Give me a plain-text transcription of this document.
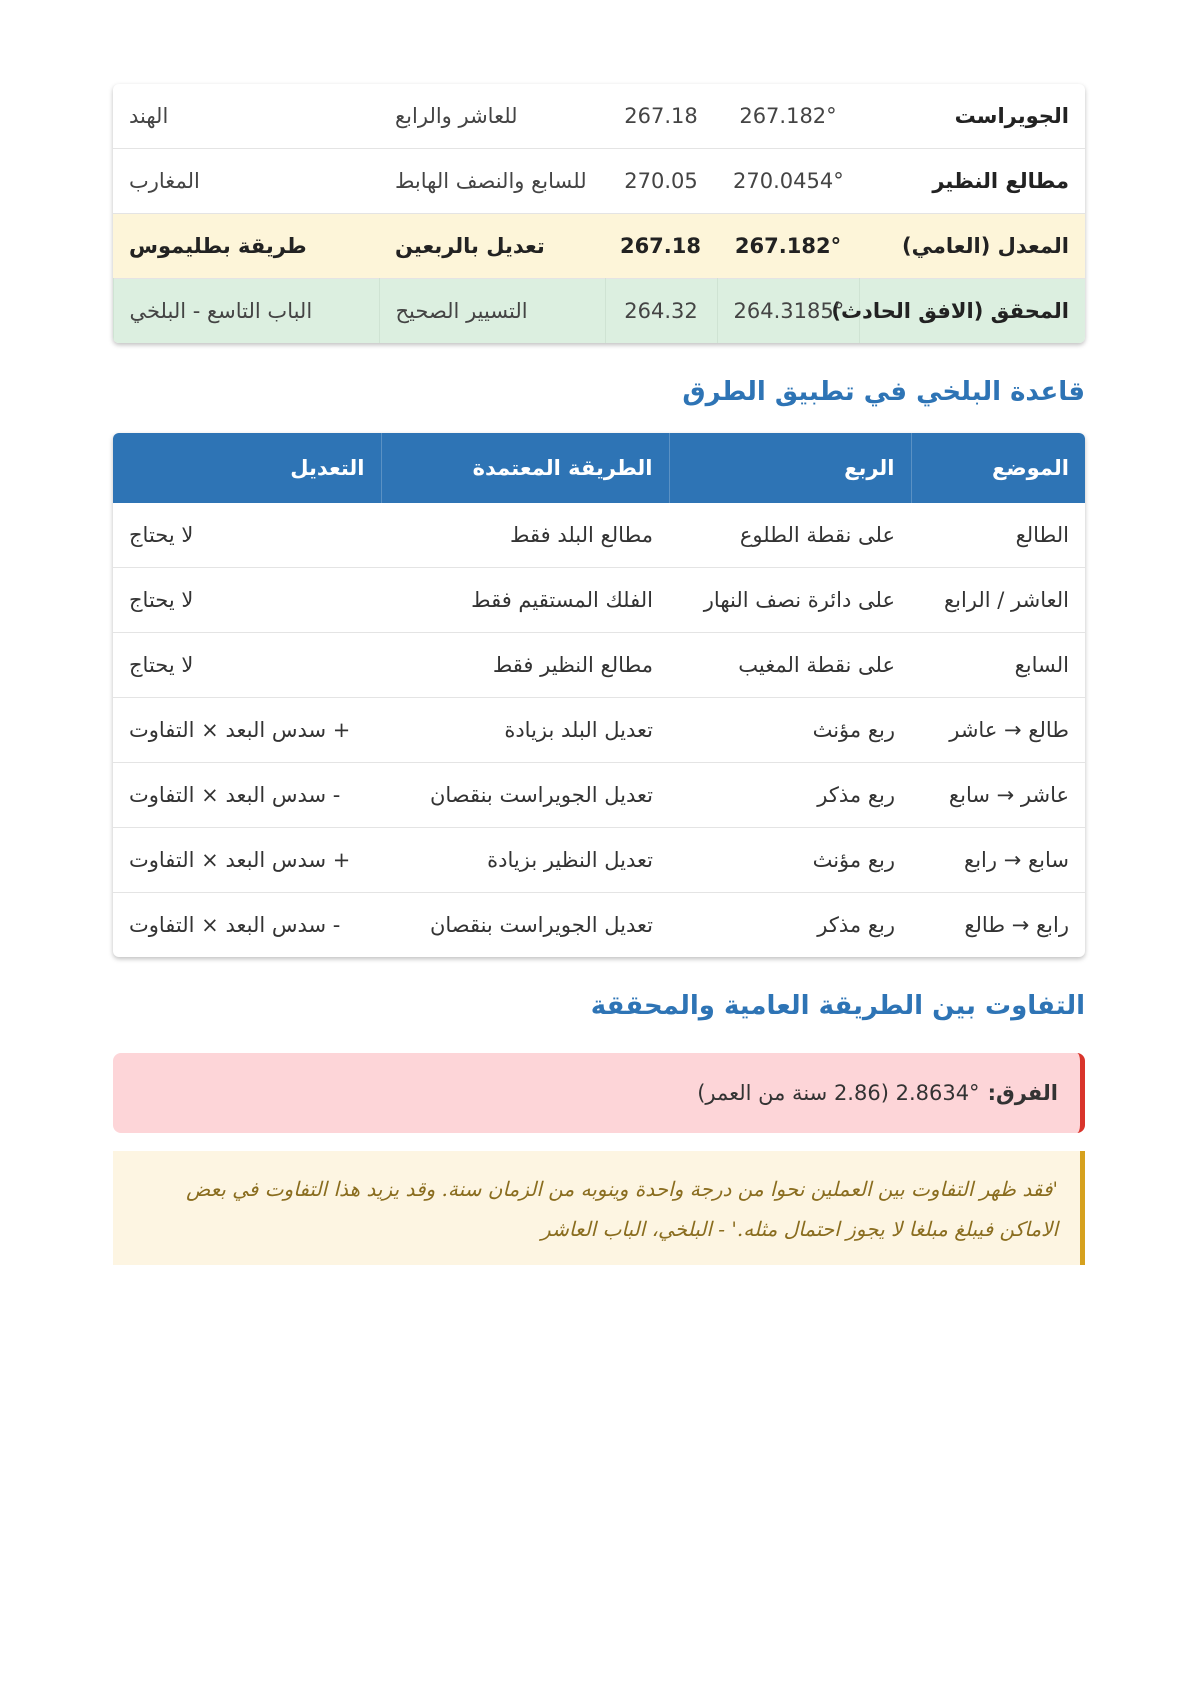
الجويراست	267.182°	267.18	للعاشر والرابع	الهند
مطالع النظير	270.0454°	270.05	للسابع والنصف الهابط	المغارب
المعدل (العامي)	267.182°	267.18	تعديل بالربعين	طريقة بطليموس
المحقق (الافق الحادث)	264.3185°	264.32	التسيير الصحيح	الباب التاسع - البلخي
قاعدة البلخي في تطبيق الطرق
الموضع	الربع	الطريقة المعتمدة	التعديل
الطالع	على نقطة الطلوع	مطالع البلد فقط	لا يحتاج
العاشر / الرابع	على دائرة نصف النهار	الفلك المستقيم فقط	لا يحتاج
السابع	على نقطة المغيب	مطالع النظير فقط	لا يحتاج
طالع → عاشر	ربع مؤنث	تعديل البلد بزيادة	+ سدس البعد × التفاوت
عاشر → سابع	ربع مذكر	تعديل الجويراست بنقصان	- سدس البعد × التفاوت
سابع → رابع	ربع مؤنث	تعديل النظير بزيادة	+ سدس البعد × التفاوت
رابع → طالع	ربع مذكر	تعديل الجويراست بنقصان	- سدس البعد × التفاوت
التفاوت بين الطريقة العامية والمحققة
الفرق:
2.8634° (2.86 سنة من العمر)
'فقد ظهر التفاوت بين العملين نحوا من درجة واحدة وينوبه من الزمان سنة. وقد يزيد هذا التفاوت في بعض الاماكن فيبلغ مبلغا لا يجوز احتمال مثله.' - البلخي، الباب العاشر
